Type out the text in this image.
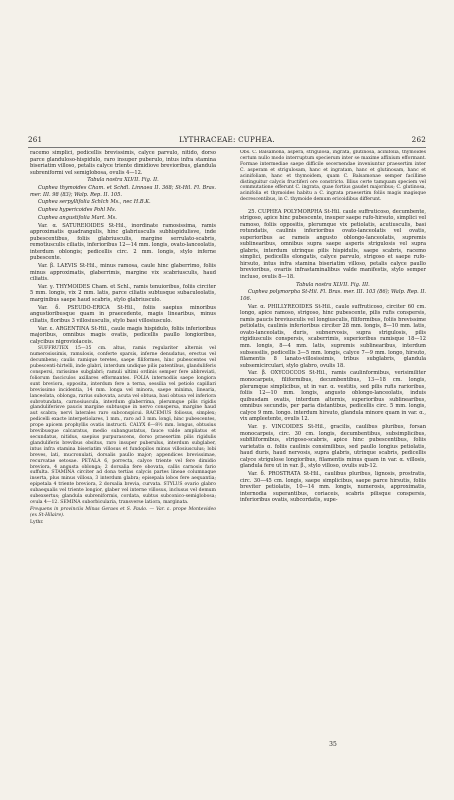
261	LYTHRACEAE: CUPHEA.	262

racemo simplici, pedicellis brevissimis, calyce parvulo, nitido, dorso parce glanduloso-hispidulo, raro insuper puberulo, intus infra stamina biseriatim villoso, petalis calyce triente dimidiove brevioribus, glandula subreniformi vel semiglobosa, ovulis 4—12.

Tabula nostra XLVII. Fig. II.

Cuphea thymoides Cham. et Schdl. Linnaea II. 368; St-Hil. Fl. Bras. mer. III. 98 (83); Walp. Rep. II. 105.

Cuphea serpyllifolia Schlch Ms., nec H.B.K.

Cuphea hypericoides Pohl Ms.

Cuphea angustifolia Mart. Ms.

Var. α. SATUREIOIDES St-Hil., inordinate ramosissima, ramis approximatis quadrangulis, hinc glabriusculis subhispidulisve, inde pubescentibus, foliis glabriusculis, margine serrulato-scabris, remotiusculis ciliatis, inferioribus 12—14 mm. longis, ovato-lanceolatis, interdum oblongis; pedicellis circ. 2 mm. longis, stylo inferne pubescente.

Var. β. LAEVIS St-Hil., minus ramosa, caule hinc glaberrimo, foliis minus approximatis, glaberrimis, margine vix scabriusculis, haud ciliatis.

Var. γ. THYMOIDES Cham. et Schl., ramis tenuioribus, foliis circiter 5 mm. longis, vix 2 mm. latis, parce ciliatis subtusque subaculeolatis, marginibus saepe haud scabris, stylo glabriusculo.

Var. δ. PSEUDO-ERICA St-Hil., foliis saepius minoribus angustioribusque quam in praecedente, magis linearibus, minus ciliatis, floribus 3 villosiusculis, stylo basi villosiusculo.

Var. ε. ARGENTINA St-Hil., caule magis hispidulo, foliis inferioribus majoribus, omnibus magis ovatis, pedicellis paullo longioribus, calycibus nigroviolaceis.

SUFFRUTEX 15—35 cm. altus, ramis regulariter alternis vel numerosissimis, ramulosis, conferte sparsis, inferne denudatus, erectus vel decumbens; caulis ramique teretes, saepe filiformes, hinc pubescentes vel pubescenti-hirtelli, inde glabri, interdum undique pilis patentibus, glanduliferis conspersi, rarissime subglabri; ramuli ultimi ordinis semper fere abbreviati, foliorum fasciculos axillares efformantes. FOLIA internodiis saepe longiora sunt breviora, opposita, interdum fere a terna, sessilia vel petiolo capillari brevissimo incidentia, 14 mm. longa vel minora, saepe minima, linearia, lanceolata, oblonga, rarius subovata, acuta vel obtusa, basi obtusa vel inferiora subrotundata, carnosiuscula, interdum glaberrima, plerumque pilis rigidis glanduliferisve paucis margine subtusque in nervo conspersa, margine haud aut scabra; nervi laterales raro subconspicui. RACEMUS foliosus, simplex; pedicelli exacte interpetiolares, 1 mm., raro ad 3 mm. longi, hinc pubescentes, prope apicem prophyllis ovatis instructi. CALYX 6—8½ mm. longus, obtusius brevibusque calcaratus, medio subangustatus, fauce valde ampliatus et secundatus, nitidus, saepius purpurascens, dorso praesertim pilis rigidulis glanduliferis brevibus obsitus, raro insuper puberulus, interdum subglaber, intus infra stamina biseriatim villosus et fundopilos minus villosiusculus; lobi breves, lati, mucronulati, dorsalis paullo major; appendices brevissimae, recurvatae setosae. PETALA 6, porrecta, calyce triente vel fere dimidio breviora, 4 angusta oblonga; 2 dorsalia fere obovata, callis carnosis fario suffulta. STAMINA circiter ad dona tertias calycis partes lineae columnaque inserta, plus minus villosa, 3 interdum glabra; episepala lobos fere aequantia; epipetala 4 triente breviora, 2 dorsalia brevia, curvata. STYLUS ovario glabro subaequalis vel triente longior, glaber vel interne villosus, inclusus vel demum subexsertus; glandula subreniformis, cordata, subtus subconico-semiglobosa; ovula 4—12. SEMINA suborbicularia, transverse latiora, marginata.

Frequens in provinciis Minas Geraes et S. Paulo. — Var. ε. prope Montevideo (ex St-Hilaire).

Lythr.

Obs. C. Balsamona, aspera, strigulosa, ingrata, glutinosa, acinifolia, thymoides certum nullo modo interruptum specierum inter se maxime affinium efformant. Formae intermediae saepe difficile secernendae inveniuntur praesertim inter C. asperam et strigulosam, hanc et ingratam, hanc et glutinosam, hanc et acinifoliam, hanc et thymoidem, quam C. Balsamonae semper facillime distinguitur calycis fructiferi ore constricto. Illius certe tamquam speciem vel commutatione efferunt C. ingrata, quae fortius gaudet majoribus; C. glutinosa, acinifolia et thymoides habitu a C. ingrata praesertim foliis magis magisque decrescentibus, in C. thymoide demum ericoidibus differunt.

25. CUPHEA POLYMORPHA St-Hil. caule suffruticoso, decumbente, strigoso, apice hinc pubescente, insuper saepe rufo-hirsuto, simplici vel ramoso, foliis oppositis, plerumque vix petiolatis, acutiusculis, basi rotundatis, caulinis inferioribus ovato-lanceolatis vel ovatis, superioribus ac rameis angusto oblongo-lanceolatis, supremis sublinearibus, omnibus supra saepe asperis strigulosis vel supra glabris, interdum utrinque pilis hispidulis, saepe scabris, racemo simplici, pedicellis elongatis, calyce parvulo, strigoso et saepe rufo-hirsuto, intus infra stamina biseriatim villoso, petalis calyce paullo brevioribus, ovariis infrastaminalibus valde manifestis, stylo semper incluso, ovulis 8—18.

Tabula nostra XLVII. Fig. III.

Cuphea polymorpha St-Hil. Fl. Bras. mer. III. 103 (86); Walp. Rep. II. 106.

Var. α. PHILLYREOIDES St-Hil., caule suffruticoso, circiter 60 cm. longo, apice ramoso, strigoso, hinc pubescente, pilis rufis conspersis, ramis paucis breviusculis vel longiusculis, filiformibus, foliis brevissime petiolatis, caulinis inferioribus circiter 28 mm. longis, 8—10 mm. latis, ovato-lanceolatis, duris, subnervosis, supra strigulosis, pilis rigidiusculis conspersis, scaberrimis, superioribus ramisque 18—12 mm. longis, 8—4 mm. latis, supremis sublinearibus, interdum subsessilis, pedicellis 3—5 mm. longis, calyce 7—9 mm. longo, hirsuto, filamentis 8 lanato-villosissimis, tribus subglabris, glandula subsemicirculari, stylo glabro, ovulis 18.

Var. β. OXYCOCCOS St-Hil., ramis caulinformibus, verisimiliter monocarpeis, filiformibus, decumbentibus, 13—18 cm. longis, plerumque simplicibus, ut in var. α. vestitis, sed pilis rufis rarioribus, foliis 12—10 mm. longis, angusto oblongo-lanceolatis, induis quibusdam ovatis, interdum alternis, superioribus sublinearibus, omnibus secundis, per paria distantibus, pedicellis circ. 5 mm. longis, calyce 9 mm. longo. interdum hirsuto, glandula minore quam in var. α., vix ampleetente, ovulis 12.

Var. γ. VINCOIDES St-Hil., gracilis, caulibus pluribus, forsan monocarpeis, circ. 30 cm. longis, decumbentibus, subsimplicibus, subfiliformibus, strigoso-scabris, apice hinc pubescentibus, foliis varietatis α. foliis caulinis consimilibus, sed paullo longius petiolatis, haud duris, haud nervosis, supra glabris, utrinque scabris, pedicellis calyce strigulose longioribus, filamentis minus quam in var. α. villosis, glandula fere ut in var. β., stylo villoso, ovulis sub-12.

Var. δ. PROSTRATA St-Hil., caulibus pluribus, lignosis, prostratis, circ. 30—45 cm. longis, saepe simplicibus, saepe parce hirsutis, foliis breviter petiolatis, 10—14 mm. longis, numerosis, approximatis, internodia superantibus, coriaceis, scabris pilisque conspersis, inferioribus ovatis, subcordatis, supe-

35
